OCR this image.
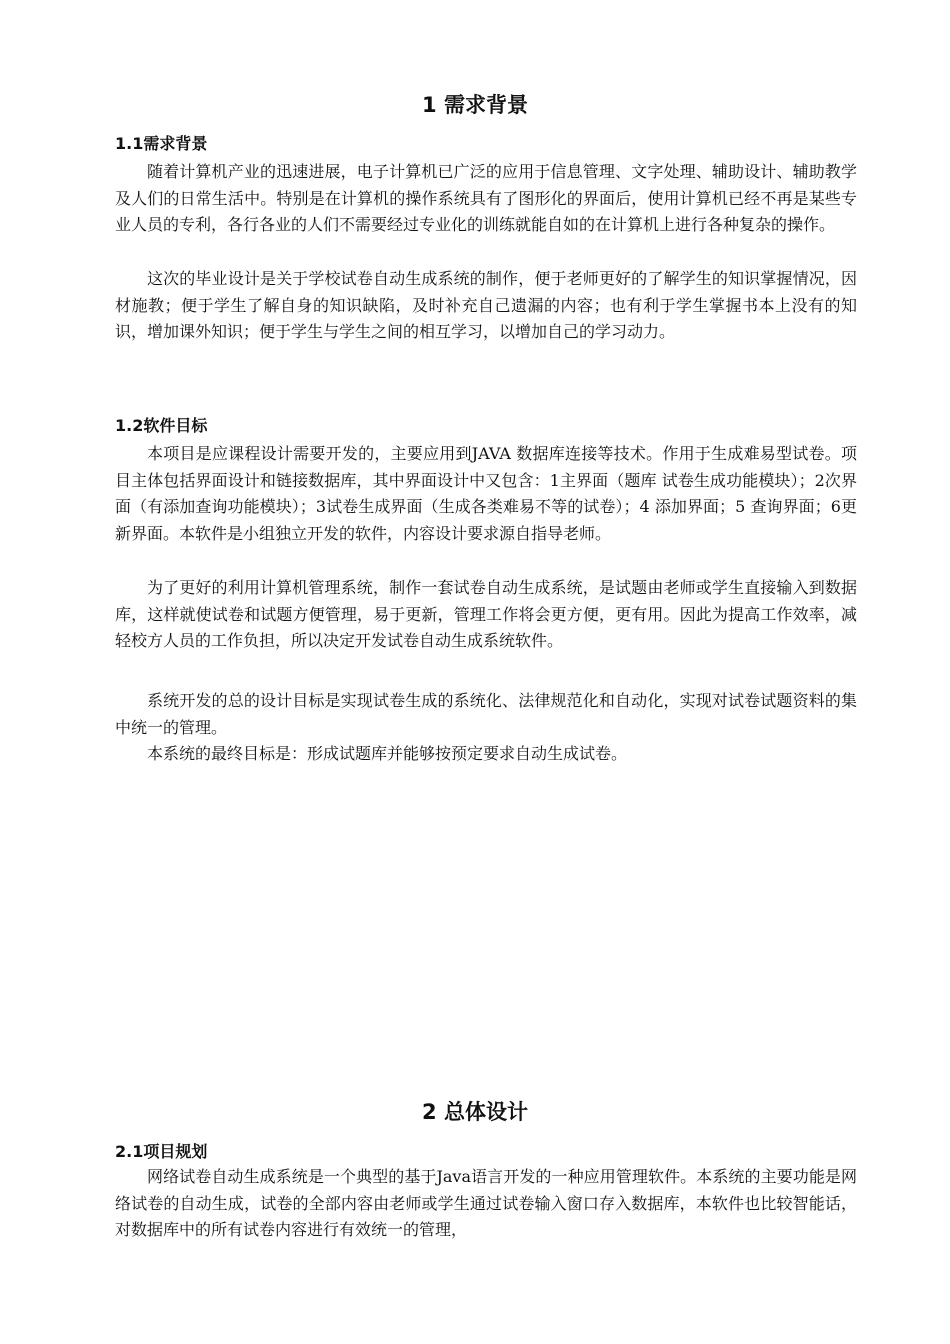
1 需求背景
1.1需求背景

随着计算机产业的迅速进展，电子计算机已广泛的应用于信息管理、文字处理、辅助设计、辅助教学及人们的日常生活中。特别是在计算机的操作系统具有了图形化的界面后，使用计算机已经不再是某些专业人员的专利，各行各业的人们不需要经过专业化的训练就能自如的在计算机上进行各种复杂的操作。

这次的毕业设计是关于学校试卷自动生成系统的制作，便于老师更好的了解学生的知识掌握情况，因材施教；便于学生了解自身的知识缺陷，及时补充自己遗漏的内容；也有利于学生掌握书本上没有的知识，增加课外知识；便于学生与学生之间的相互学习，以增加自己的学习动力。

1.2软件目标

本项目是应课程设计需要开发的，主要应用到JAVA 数据库连接等技术。作用于生成难易型试卷。项目主体包括界面设计和链接数据库，其中界面设计中又包含：1主界面（题库 试卷生成功能模块）；2次界面（有添加查询功能模块）；3试卷生成界面（生成各类难易不等的试卷）；4 添加界面；5 查询界面；6更新界面。本软件是小组独立开发的软件，内容设计要求源自指导老师。

为了更好的利用计算机管理系统，制作一套试卷自动生成系统，是试题由老师或学生直接输入到数据库，这样就使试卷和试题方便管理，易于更新，管理工作将会更方便，更有用。因此为提高工作效率，减轻校方人员的工作负担，所以决定开发试卷自动生成系统软件。

系统开发的总的设计目标是实现试卷生成的系统化、法律规范化和自动化，实现对试卷试题资料的集中统一的管理。

本系统的最终目标是：形成试题库并能够按预定要求自动生成试卷。

2 总体设计
2.1项目规划

网络试卷自动生成系统是一个典型的基于Java语言开发的一种应用管理软件。本系统的主要功能是网络试卷的自动生成，试卷的全部内容由老师或学生通过试卷输入窗口存入数据库，本软件也比较智能话，对数据库中的所有试卷内容进行有效统一的管理，
